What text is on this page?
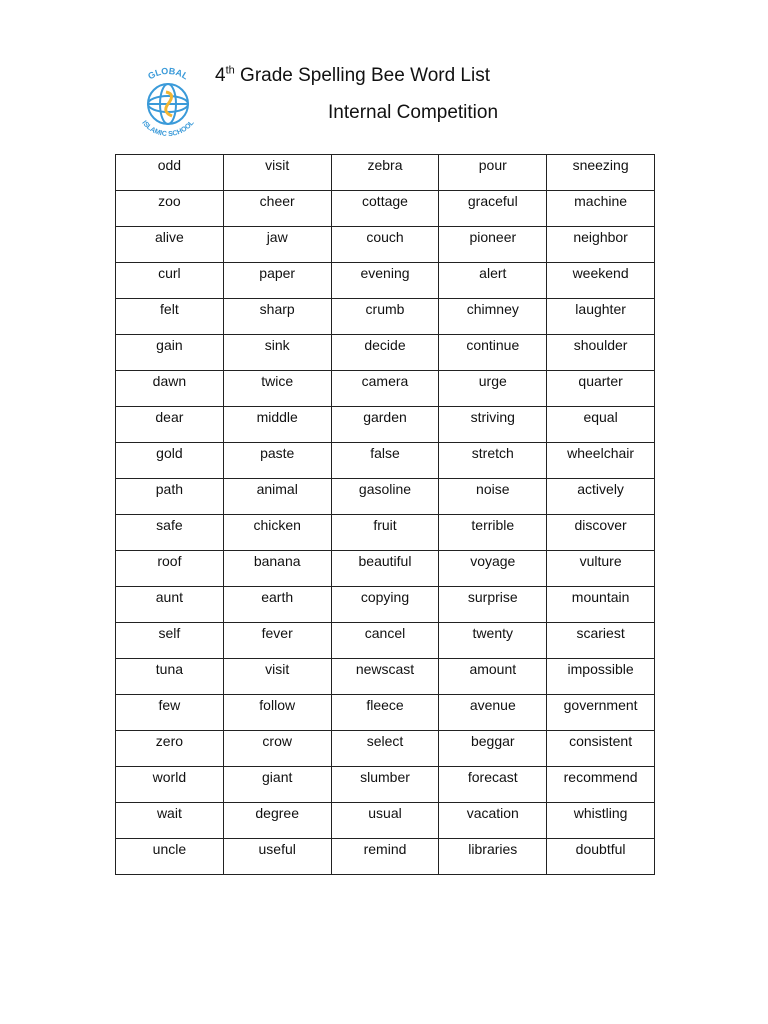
GLOBAL
ISLAMIC SCHOOL
4th Grade Spelling Bee Word List
Internal Competition
odd	visit	zebra	pour	sneezing
zoo	cheer	cottage	graceful	machine
alive	jaw	couch	pioneer	neighbor
curl	paper	evening	alert	weekend
felt	sharp	crumb	chimney	laughter
gain	sink	decide	continue	shoulder
dawn	twice	camera	urge	quarter
dear	middle	garden	striving	equal
gold	paste	false	stretch	wheelchair
path	animal	gasoline	noise	actively
safe	chicken	fruit	terrible	discover
roof	banana	beautiful	voyage	vulture
aunt	earth	copying	surprise	mountain
self	fever	cancel	twenty	scariest
tuna	visit	newscast	amount	impossible
few	follow	fleece	avenue	government
zero	crow	select	beggar	consistent
world	giant	slumber	forecast	recommend
wait	degree	usual	vacation	whistling
uncle	useful	remind	libraries	doubtful
